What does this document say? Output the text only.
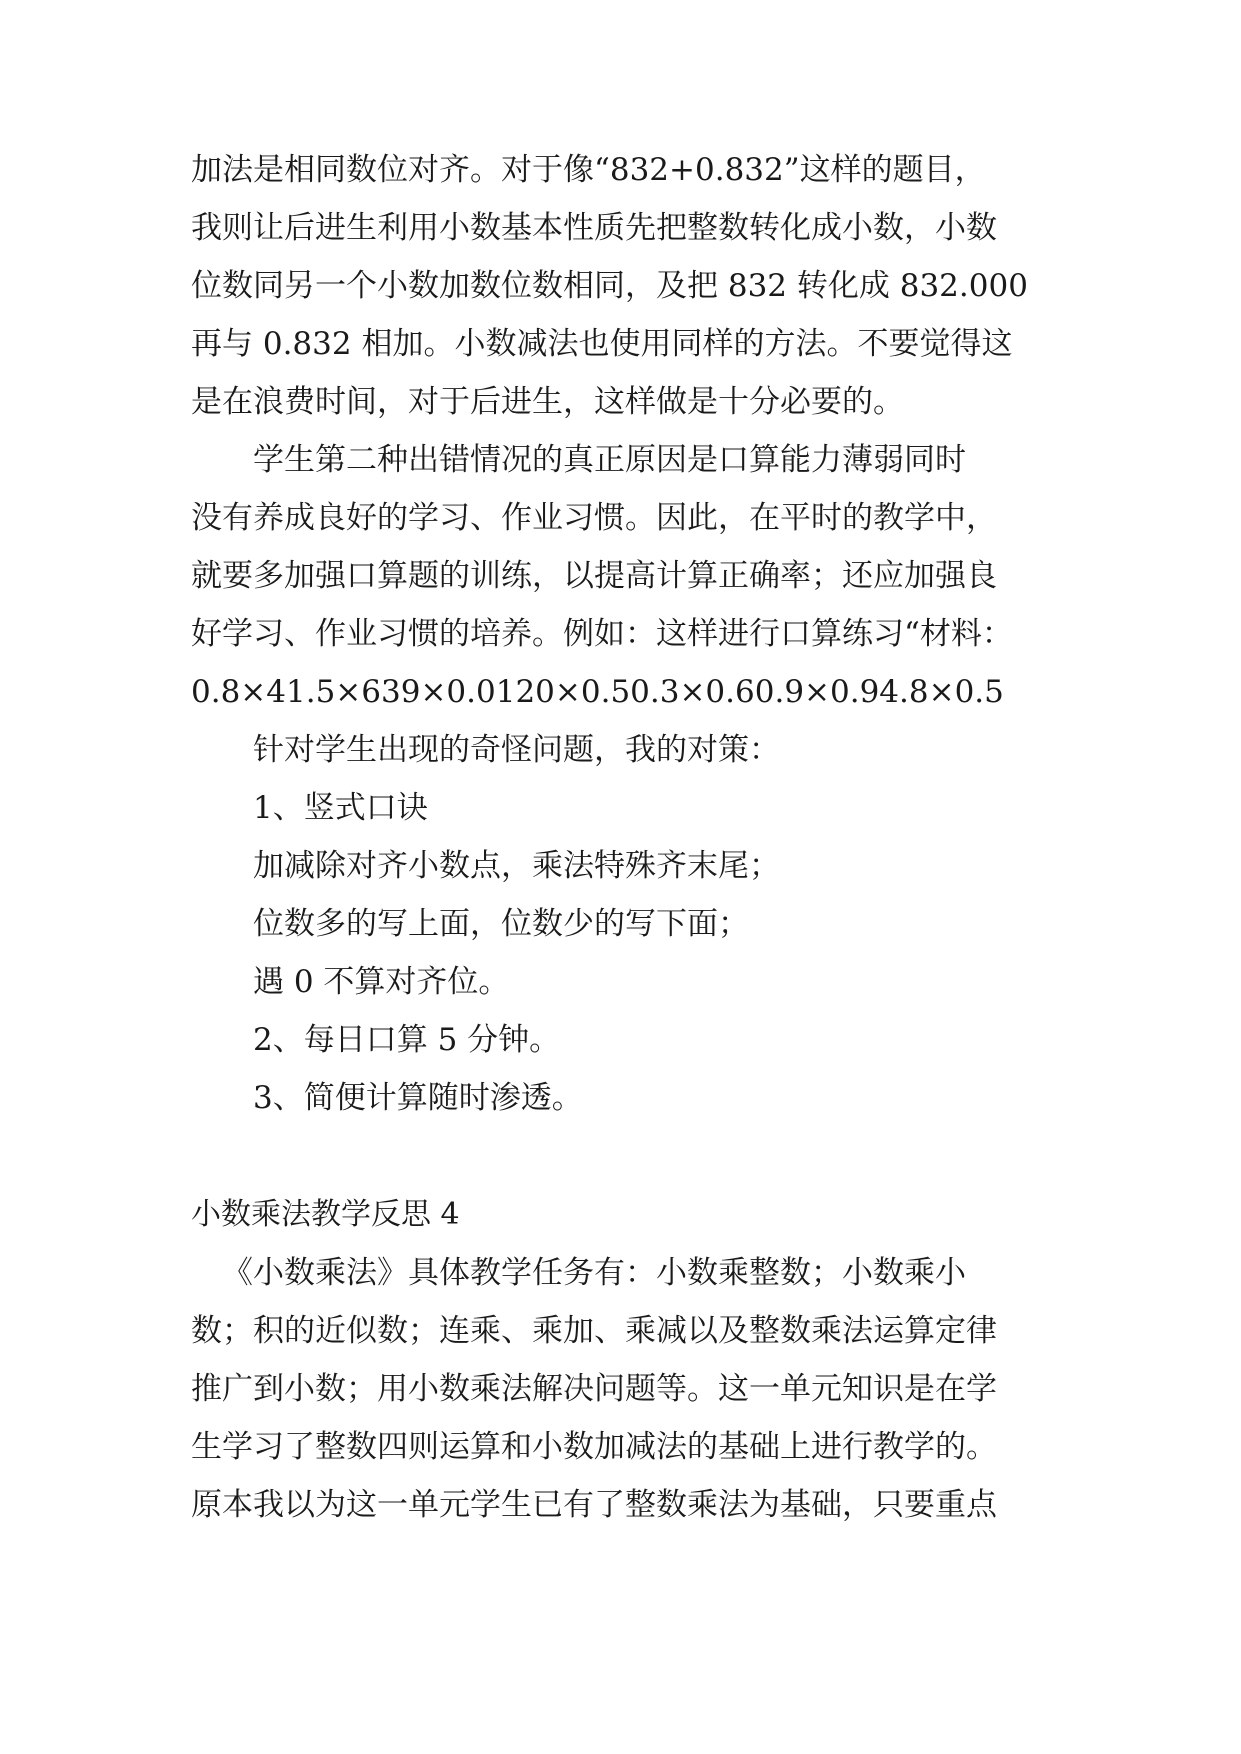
加法是相同数位对齐。对于像“832+0.832”这样的题目，
我则让后进生利用小数基本性质先把整数转化成小数，小数
位数同另一个小数加数位数相同，及把 832 转化成 832.000
再与 0.832 相加。小数减法也使用同样的方法。不要觉得这
是在浪费时间，对于后进生，这样做是十分必要的。
学生第二种出错情况的真正原因是口算能力薄弱同时
没有养成良好的学习、作业习惯。因此，在平时的教学中，
就要多加强口算题的训练，以提高计算正确率；还应加强良
好学习、作业习惯的培养。例如：这样进行口算练习“材料：
0.8×41.5×639×0.0120×0.50.3×0.60.9×0.94.8×0.5
针对学生出现的奇怪问题，我的对策：
1、竖式口诀
加减除对齐小数点，乘法特殊齐末尾；
位数多的写上面，位数少的写下面；
遇 0 不算对齐位。
2、每日口算 5 分钟。
3、简便计算随时渗透。
小数乘法教学反思 4
《小数乘法》具体教学任务有：小数乘整数；小数乘小
数；积的近似数；连乘、乘加、乘减以及整数乘法运算定律
推广到小数；用小数乘法解决问题等。这一单元知识是在学
生学习了整数四则运算和小数加减法的基础上进行教学的。
原本我以为这一单元学生已有了整数乘法为基础，只要重点
